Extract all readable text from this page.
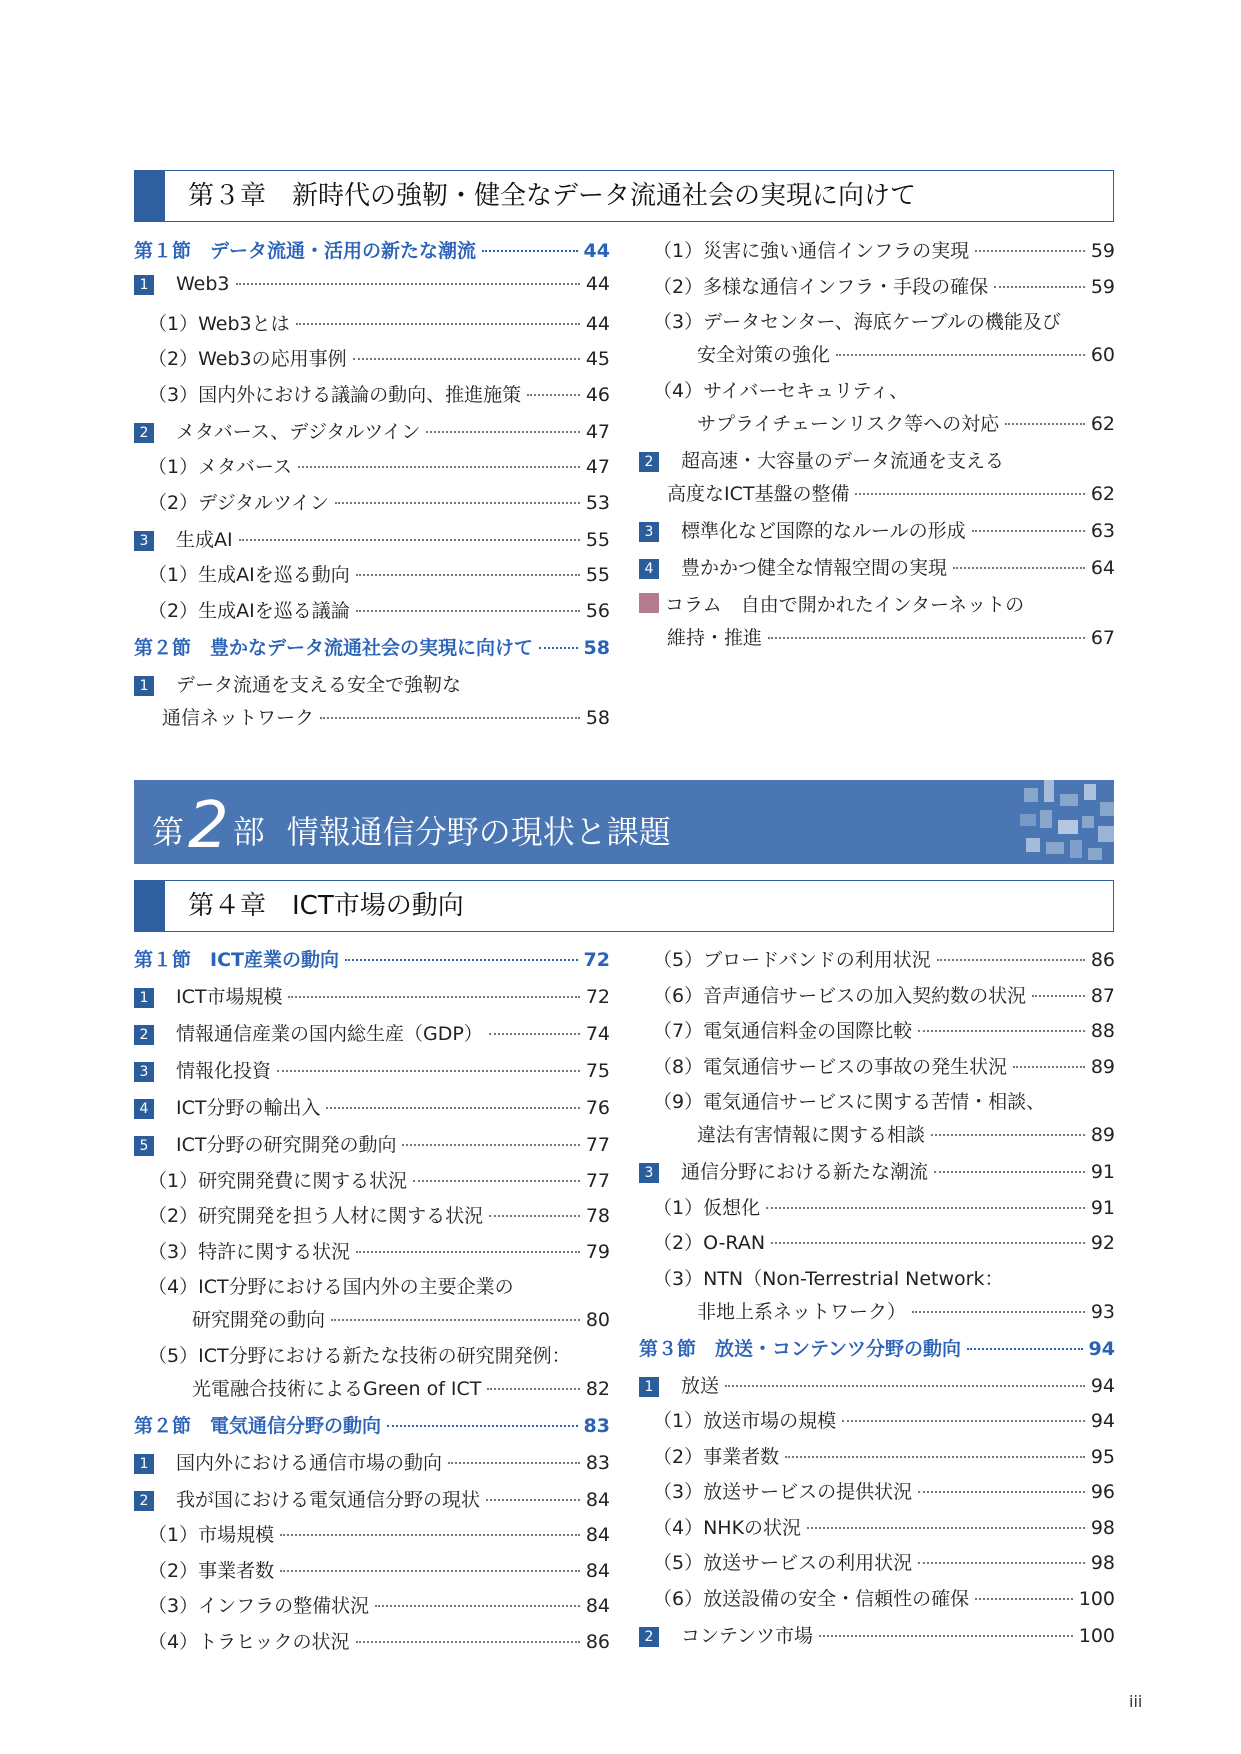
第３章　新時代の強靭・健全なデータ流通社会の実現に向けて
第１節　データ流通・活用の新たな潮流	44
1 Web3	44
（1）Web3とは	44
（2）Web3の応用事例	45
（3）国内外における議論の動向、推進施策	46
2 メタバース、デジタルツイン	47
（1）メタバース	47
（2）デジタルツイン	53
3 生成AI	55
（1）生成AIを巡る動向	55
（2）生成AIを巡る議論	56
第２節　豊かなデータ流通社会の実現に向けて	58
1 データ流通を支える安全で強靭な
通信ネットワーク	58
（1）災害に強い通信インフラの実現	59
（2）多様な通信インフラ・手段の確保	59
（3）データセンター、海底ケーブルの機能及び
安全対策の強化	60
（4）サイバーセキュリティ、
サプライチェーンリスク等への対応	62
2 超高速・大容量のデータ流通を支える
高度なICT基盤の整備	62
3 標準化など国際的なルールの形成	63
4 豊かかつ健全な情報空間の実現	64
コラム　自由で開かれたインターネットの
維持・推進	67
第2 部 情報通信分野の現状と課題
第４章　ICT市場の動向
第１節　ICT産業の動向	72
1 ICT市場規模	72
2 情報通信産業の国内総生産（GDP）	74
3 情報化投資	75
4 ICT分野の輸出入	76
5 ICT分野の研究開発の動向	77
（1）研究開発費に関する状況	77
（2）研究開発を担う人材に関する状況	78
（3）特許に関する状況	79
（4）ICT分野における国内外の主要企業の
研究開発の動向	80
（5）ICT分野における新たな技術の研究開発例：
光電融合技術によるGreen of ICT	82
第２節　電気通信分野の動向	83
1 国内外における通信市場の動向	83
2 我が国における電気通信分野の現状	84
（1）市場規模	84
（2）事業者数	84
（3）インフラの整備状況	84
（4）トラヒックの状況	86
（5）ブロードバンドの利用状況	86
（6）音声通信サービスの加入契約数の状況	87
（7）電気通信料金の国際比較	88
（8）電気通信サービスの事故の発生状況	89
（9）電気通信サービスに関する苦情・相談、
違法有害情報に関する相談	89
3 通信分野における新たな潮流	91
（1）仮想化	91
（2）O-RAN	92
（3）NTN（Non-Terrestrial Network：
非地上系ネットワーク）	93
第３節　放送・コンテンツ分野の動向	94
1 放送	94
（1）放送市場の規模	94
（2）事業者数	95
（3）放送サービスの提供状況	96
（4）NHKの状況	98
（5）放送サービスの利用状況	98
（6）放送設備の安全・信頼性の確保	100
2 コンテンツ市場	100
iii
